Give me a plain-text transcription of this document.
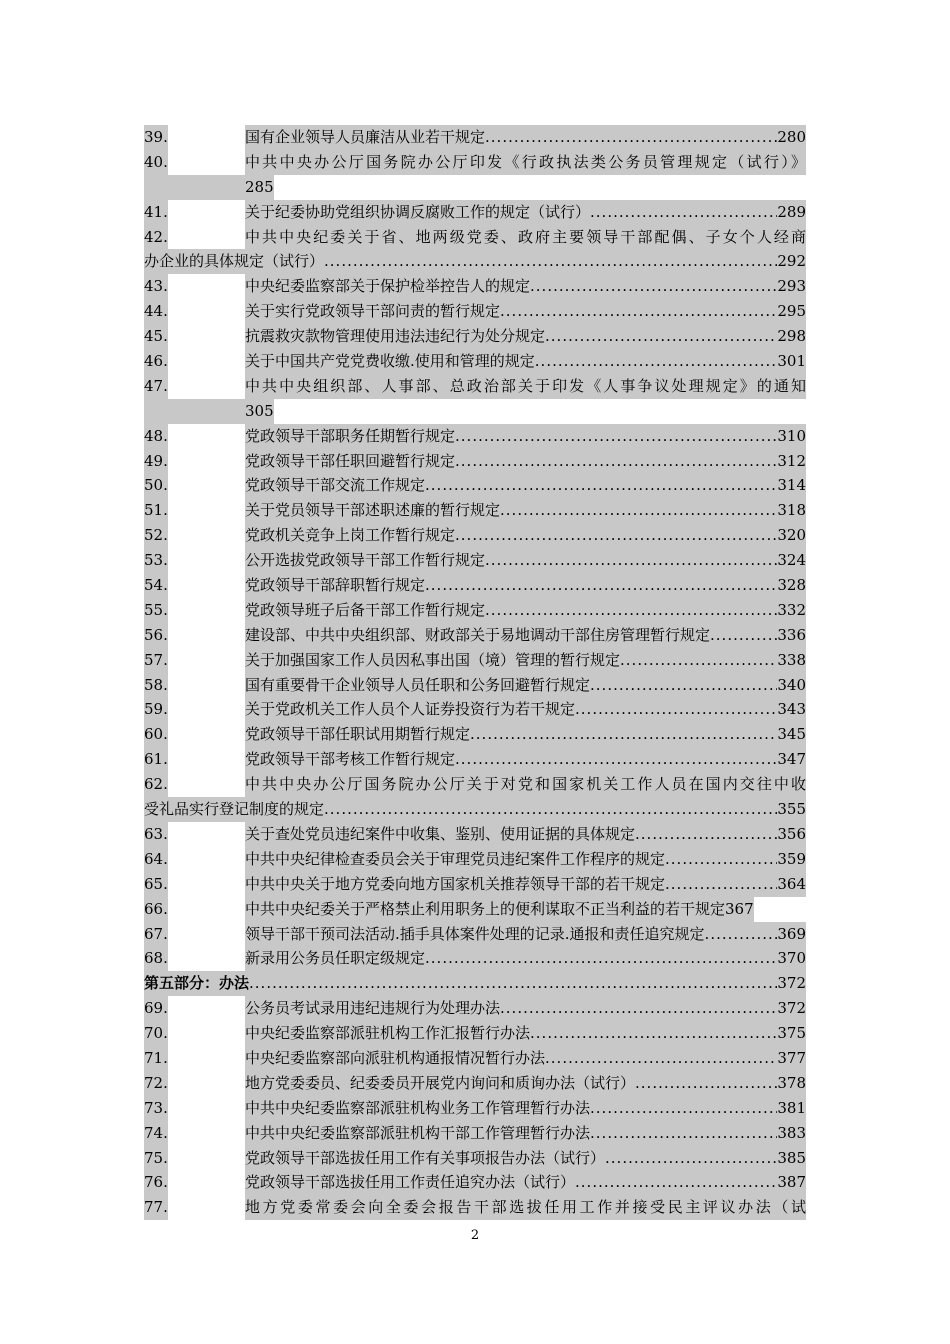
39.	国有企业领导人员廉洁从业若干规定 .....	280
40.	中共中央办公厅国务院办公厅印发《行政执法类公务员管理规定（试行）》
285
41.	关于纪委协助党组织协调反腐败工作的规定（试行） .....	289
42.	中共中央纪委关于省、地两级党委、政府主要领导干部配偶、子女个人经商
办企业的具体规定（试行） .....	292
43.	中央纪委监察部关于保护检举控告人的规定 .....	293
44.	关于实行党政领导干部问责的暂行规定 .....	295
45.	抗震救灾款物管理使用违法违纪行为处分规定 .....	298
46.	关于中国共产党党费收缴.使用和管理的规定 .....	301
47.	中共中央组织部、人事部、总政治部关于印发《人事争议处理规定》的通知
305
48.	党政领导干部职务任期暂行规定 .....	310
49.	党政领导干部任职回避暂行规定 .....	312
50.	党政领导干部交流工作规定 .....	314
51.	关于党员领导干部述职述廉的暂行规定 .....	318
52.	党政机关竞争上岗工作暂行规定 .....	320
53.	公开选拔党政领导干部工作暂行规定 .....	324
54.	党政领导干部辞职暂行规定 .....	328
55.	党政领导班子后备干部工作暂行规定 .....	332
56.	建设部、中共中央组织部、财政部关于易地调动干部住房管理暂行规定 .....	336
57.	关于加强国家工作人员因私事出国（境）管理的暂行规定 .....	338
58.	国有重要骨干企业领导人员任职和公务回避暂行规定 .....	340
59.	关于党政机关工作人员个人证券投资行为若干规定 .....	343
60.	党政领导干部任职试用期暂行规定 .....	345
61.	党政领导干部考核工作暂行规定 .....	347
62.	中共中央办公厅国务院办公厅关于对党和国家机关工作人员在国内交往中收
受礼品实行登记制度的规定 .....	355
63.	关于查处党员违纪案件中收集、鉴别、使用证据的具体规定 .....	356
64.	中共中央纪律检查委员会关于审理党员违纪案件工作程序的规定 .....	359
65.	中共中央关于地方党委向地方国家机关推荐领导干部的若干规定 .....	364
66.	中共中央纪委关于严格禁止利用职务上的便利谋取不正当利益的若干规定 367
67.	领导干部干预司法活动.插手具体案件处理的记录.通报和责任追究规定 .....	369
68.	新录用公务员任职定级规定 .....	370
第五部分：办法 .....	372
69.	公务员考试录用违纪违规行为处理办法 .....	372
70.	中央纪委监察部派驻机构工作汇报暂行办法 .....	375
71.	中央纪委监察部向派驻机构通报情况暂行办法 .....	377
72.	地方党委委员、纪委委员开展党内询问和质询办法（试行） .....	378
73.	中共中央纪委监察部派驻机构业务工作管理暂行办法 .....	381
74.	中共中央纪委监察部派驻机构干部工作管理暂行办法 .....	383
75.	党政领导干部选拔任用工作有关事项报告办法（试行） .....	385
76.	党政领导干部选拔任用工作责任追究办法（试行） .....	387
77.	地方党委常委会向全委会报告干部选拔任用工作并接受民主评议办法（试
2
